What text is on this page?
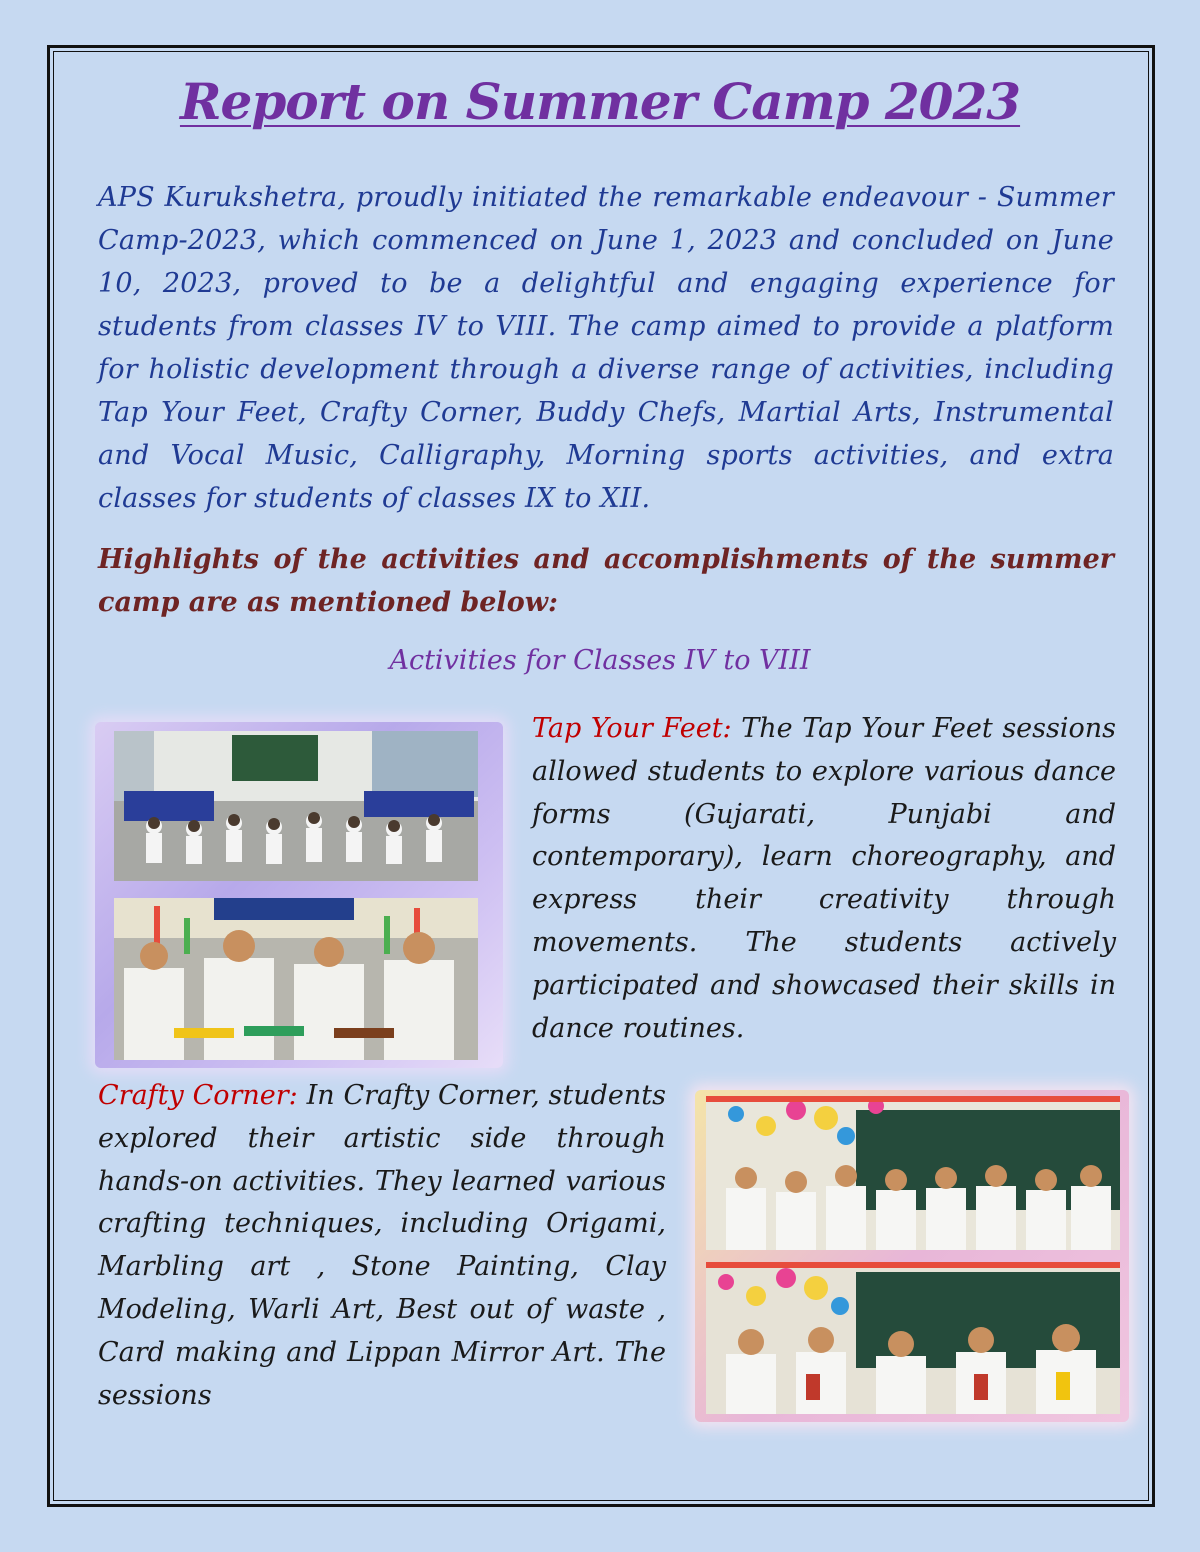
Report on Summer Camp 2023

APS Kurukshetra, proudly initiated the remarkable endeavour - Summer Camp-2023, which commenced on June 1, 2023 and concluded on June 10, 2023, proved to be a delightful and engaging experience for students from classes IV to VIII. The camp aimed to provide a platform for holistic development through a diverse range of activities, including Tap Your Feet, Crafty Corner, Buddy Chefs, Martial Arts, Instrumental and Vocal Music, Calligraphy, Morning sports activities, and extra classes for students of classes IX to XII.

Highlights of the activities and accomplishments of the summer camp are as mentioned below:

Activities for Classes IV to VIII

Tap Your Feet: The Tap Your Feet sessions allowed students to explore various dance forms (Gujarati, Punjabi and contemporary), learn choreography, and express their creativity through movements. The students actively participated and showcased their skills in dance routines.

Crafty Corner: In Crafty Corner, students explored their artistic side through hands-on activities. They learned various crafting techniques, including Origami, Marbling art , Stone Painting, Clay Modeling, Warli Art, Best out of waste , Card making and Lippan Mirror Art. The sessions
